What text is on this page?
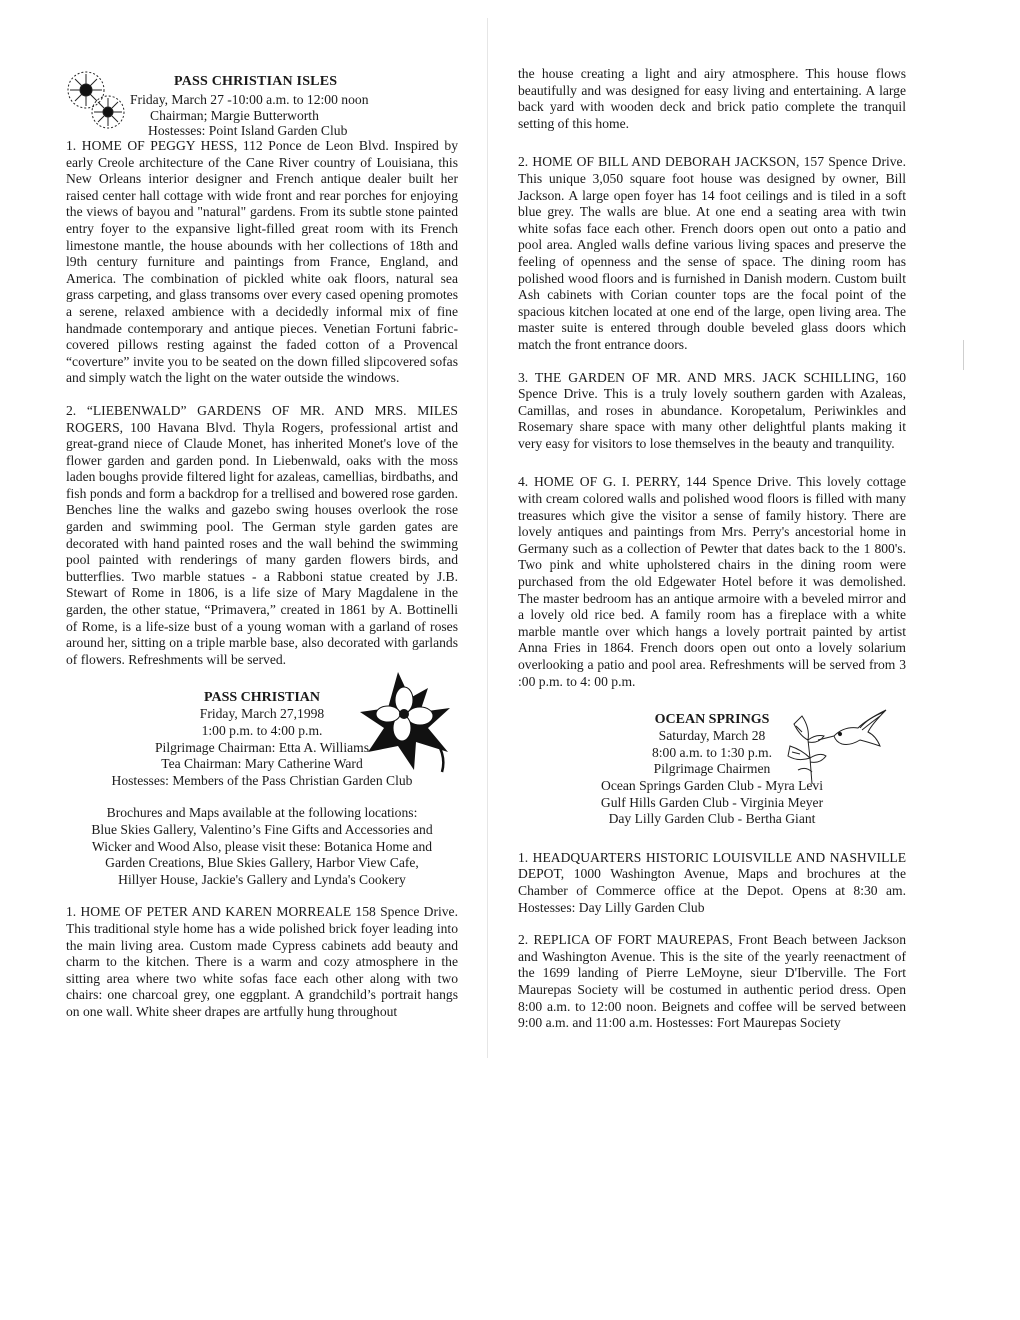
PASS CHRISTIAN ISLES
Friday, March 27 -10:00 a.m. to 12:00 noon
Chairman; Margie Butterworth
Hostesses: Point Island Garden Club

1. HOME OF PEGGY HESS, 112 Ponce de Leon Blvd. Inspired by early Creole architecture of the Cane River country of Louisiana, this New Orleans interior designer and French antique dealer built her raised center hall cottage with wide front and rear porches for enjoying the views of bayou and "natural" gardens. From its subtle stone painted entry foyer to the expansive light-filled great room with its French limestone mantle, the house abounds with her collections of 18th and l9th century furniture and paintings from France, England, and America. The combination of pickled white oak floors, natural sea grass carpeting, and glass transoms over every cased opening promotes a serene, relaxed ambience with a decidedly informal mix of fine handmade contemporary and antique pieces. Venetian Fortuni fabric-covered pillows resting against the faded cotton of a Provencal “coverture” invite you to be seated on the down filled slipcovered sofas and simply watch the light on the water outside the windows.

2. “LIEBENWALD” GARDENS OF MR. AND MRS. MILES ROGERS, 100 Havana Blvd. Thyla Rogers, professional artist and great-grand niece of Claude Monet, has inherited Monet's love of the flower garden and garden pond. In Liebenwald, oaks with the moss laden boughs provide filtered light for azaleas, camellias, birdbaths, and fish ponds and form a backdrop for a trellised and bowered rose garden. Benches line the walks and gazebo swing houses overlook the rose garden and swimming pool. The German style garden gates are decorated with hand painted roses and the wall behind the swimming pool painted with renderings of many garden flowers birds, and butterflies. Two marble statues - a Rabboni statue created by J.B. Stewart of Rome in 1806, is a life size of Mary Magdalene in the garden, the other statue, “Primavera,” created in 1861 by A. Bottinelli of Rome, is a life-size bust of a young woman with a garland of roses around her, sitting on a triple marble base, also decorated with garlands of flowers. Refreshments will be served.

PASS CHRISTIAN
Friday, March 27,1998
1:00 p.m. to 4:00 p.m.
Pilgrimage Chairman: Etta A. Williams
Tea Chairman: Mary Catherine Ward
Hostesses: Members of the Pass Christian Garden Club

Brochures and Maps available at the following locations:

Blue Skies Gallery, Valentino’s Fine Gifts and Accessories and

Wicker and Wood Also, please visit these: Botanica Home and

Garden Creations, Blue Skies Gallery, Harbor View Cafe,

Hillyer House, Jackie's Gallery and Lynda's Cookery

1. HOME OF PETER AND KAREN MORREALE 158 Spence Drive. This traditional style home has a wide polished brick foyer leading into the main living area. Custom made Cypress cabinets add beauty and charm to the kitchen. There is a warm and cozy atmosphere in the sitting area where two white sofas face each other along with two chairs: one charcoal grey, one eggplant. A grandchild’s portrait hangs on one wall. White sheer drapes are artfully hung throughout

the house creating a light and airy atmosphere. This house flows beautifully and was designed for easy living and entertaining. A large back yard with wooden deck and brick patio complete the tranquil setting of this home.

2. HOME OF BILL AND DEBORAH JACKSON, 157 Spence Drive. This unique 3,050 square foot house was designed by owner, Bill Jackson. A large open foyer has 14 foot ceilings and is tiled in a soft blue grey. The walls are blue. At one end a seating area with twin white sofas face each other. French doors open out onto a patio and pool area. Angled walls define various living spaces and preserve the feeling of openness and the sense of space. The dining room has polished wood floors and is furnished in Danish modern. Custom built Ash cabinets with Corian counter tops are the focal point of the spacious kitchen located at one end of the large, open living area. The master suite is entered through double beveled glass doors which match the front entrance doors.

3. THE GARDEN OF MR. AND MRS. JACK SCHILLING, 160 Spence Drive. This is a truly lovely southern garden with Azaleas, Camillas, and roses in abundance. Koropetalum, Periwinkles and Rosemary share space with many other delightful plants making it very easy for visitors to lose themselves in the beauty and tranquility.

4. HOME OF G. I. PERRY, 144 Spence Drive. This lovely cottage with cream colored walls and polished wood floors is filled with many treasures which give the visitor a sense of family history. There are lovely antiques and paintings from Mrs. Perry's ancestorial home in Germany such as a collection of Pewter that dates back to the 1 800's. Two pink and white upholstered chairs in the dining room were purchased from the old Edgewater Hotel before it was demolished. The master bedroom has an antique armoire with a beveled mirror and a lovely old rice bed. A family room has a fireplace with a white marble mantle over which hangs a lovely portrait painted by artist Anna Fries in 1864. French doors open out onto a lovely solarium overlooking a patio and pool area. Refreshments will be served from 3 :00 p.m. to 4: 00 p.m.

OCEAN SPRINGS
Saturday, March 28
8:00 a.m. to 1:30 p.m.
Pilgrimage Chairmen
Ocean Springs Garden Club - Myra Levi
Gulf Hills Garden Club - Virginia Meyer
Day Lilly Garden Club - Bertha Giant

1. HEADQUARTERS HISTORIC LOUISVILLE AND NASHVILLE DEPOT, 1000 Washington Avenue, Maps and brochures at the Chamber of Commerce office at the Depot. Opens at 8:30 am. Hostesses: Day Lilly Garden Club

2. REPLICA OF FORT MAUREPAS, Front Beach between Jackson and Washington Avenue. This is the site of the yearly reenactment of the 1699 landing of Pierre LeMoyne, sieur D'Iberville. The Fort Maurepas Society will be costumed in authentic period dress. Open 8:00 a.m. to 12:00 noon. Beignets and coffee will be served between 9:00 a.m. and 11:00 a.m. Hostesses: Fort Maurepas Society
